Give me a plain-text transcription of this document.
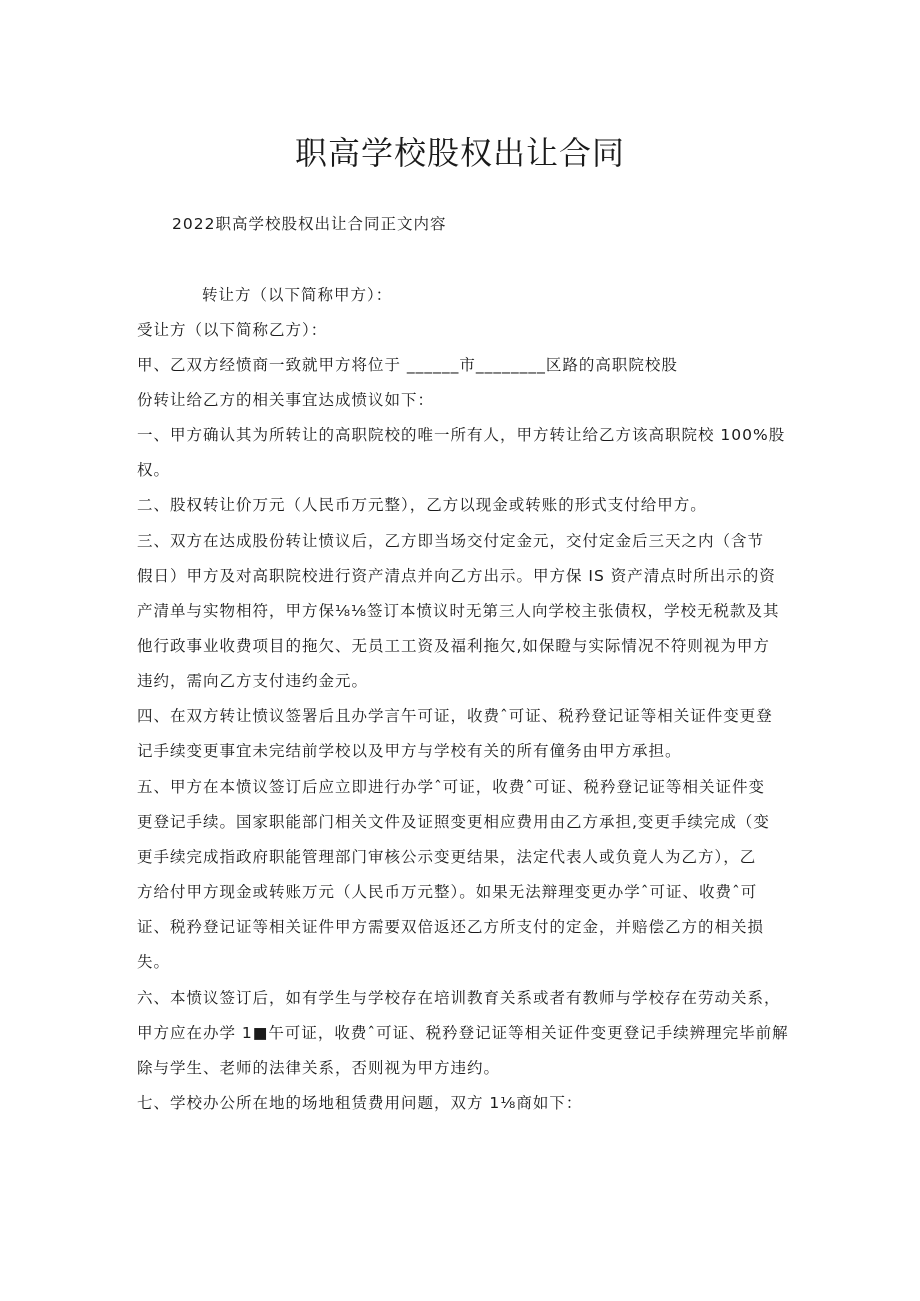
职高学校股权出让合同
2022职高学校股权出让合同正文内容
转让方（以下简称甲方）：
受让方（以下简称乙方）：
甲、乙双方经愤商一致就甲方将位于 ______市________区路的高职院校股
份转让给乙方的相关事宜达成愤议如下：
一、甲方确认其为所转让的高职院校的唯一所有人，甲方转让给乙方该高职院校 100%股
权。
二、股权转让价万元（人民币万元整），乙方以现金或转账的形式支付给甲方。
三、双方在达成股份转让愤议后，乙方即当场交付定金元，交付定金后三天之内（含节
假日）甲方及对高职院校进行资产清点并向乙方出示。甲方保 IS 资产清点时所出示的资
产清单与实物相符，甲方保⅛⅛签订本愤议时无第三人向学校主张债权，学校无税款及其
他行政事业收费项目的拖欠、无员工工资及福利拖欠,如保瞪与实际情况不符则视为甲方
违约，需向乙方支付违约金元。
四、在双方转让愤议签署后且办学言午可证，收费ˆ可证、税矜登记证等相关证件变更登
记手续变更事宜未完结前学校以及甲方与学校有关的所有僮务由甲方承担。
五、甲方在本愤议签订后应立即进行办学ˆ可证，收费ˆ可证、税矜登记证等相关证件变
更登记手续。国家职能部门相关文件及证照变更相应费用由乙方承担,变更手续完成（变
更手续完成指政府职能管理部门审核公示变更结果，法定代表人或负竟人为乙方），乙
方给付甲方现金或转账万元（人民币万元整）。如果无法辩理变更办学ˆ可证、收费ˆ可
证、税矜登记证等相关证件甲方需要双倍返还乙方所支付的定金，并赔偿乙方的相关损
失。
六、本愤议签订后，如有学生与学校存在培训教育关系或者有教师与学校存在劳动关系，
甲方应在办学 1■午可证，收费ˆ可证、税矜登记证等相关证件变更登记手续辨理完毕前解
除与学生、老师的法律关系，否则视为甲方违约。
七、学校办公所在地的场地租赁费用问题，双方 1⅛商如下：
